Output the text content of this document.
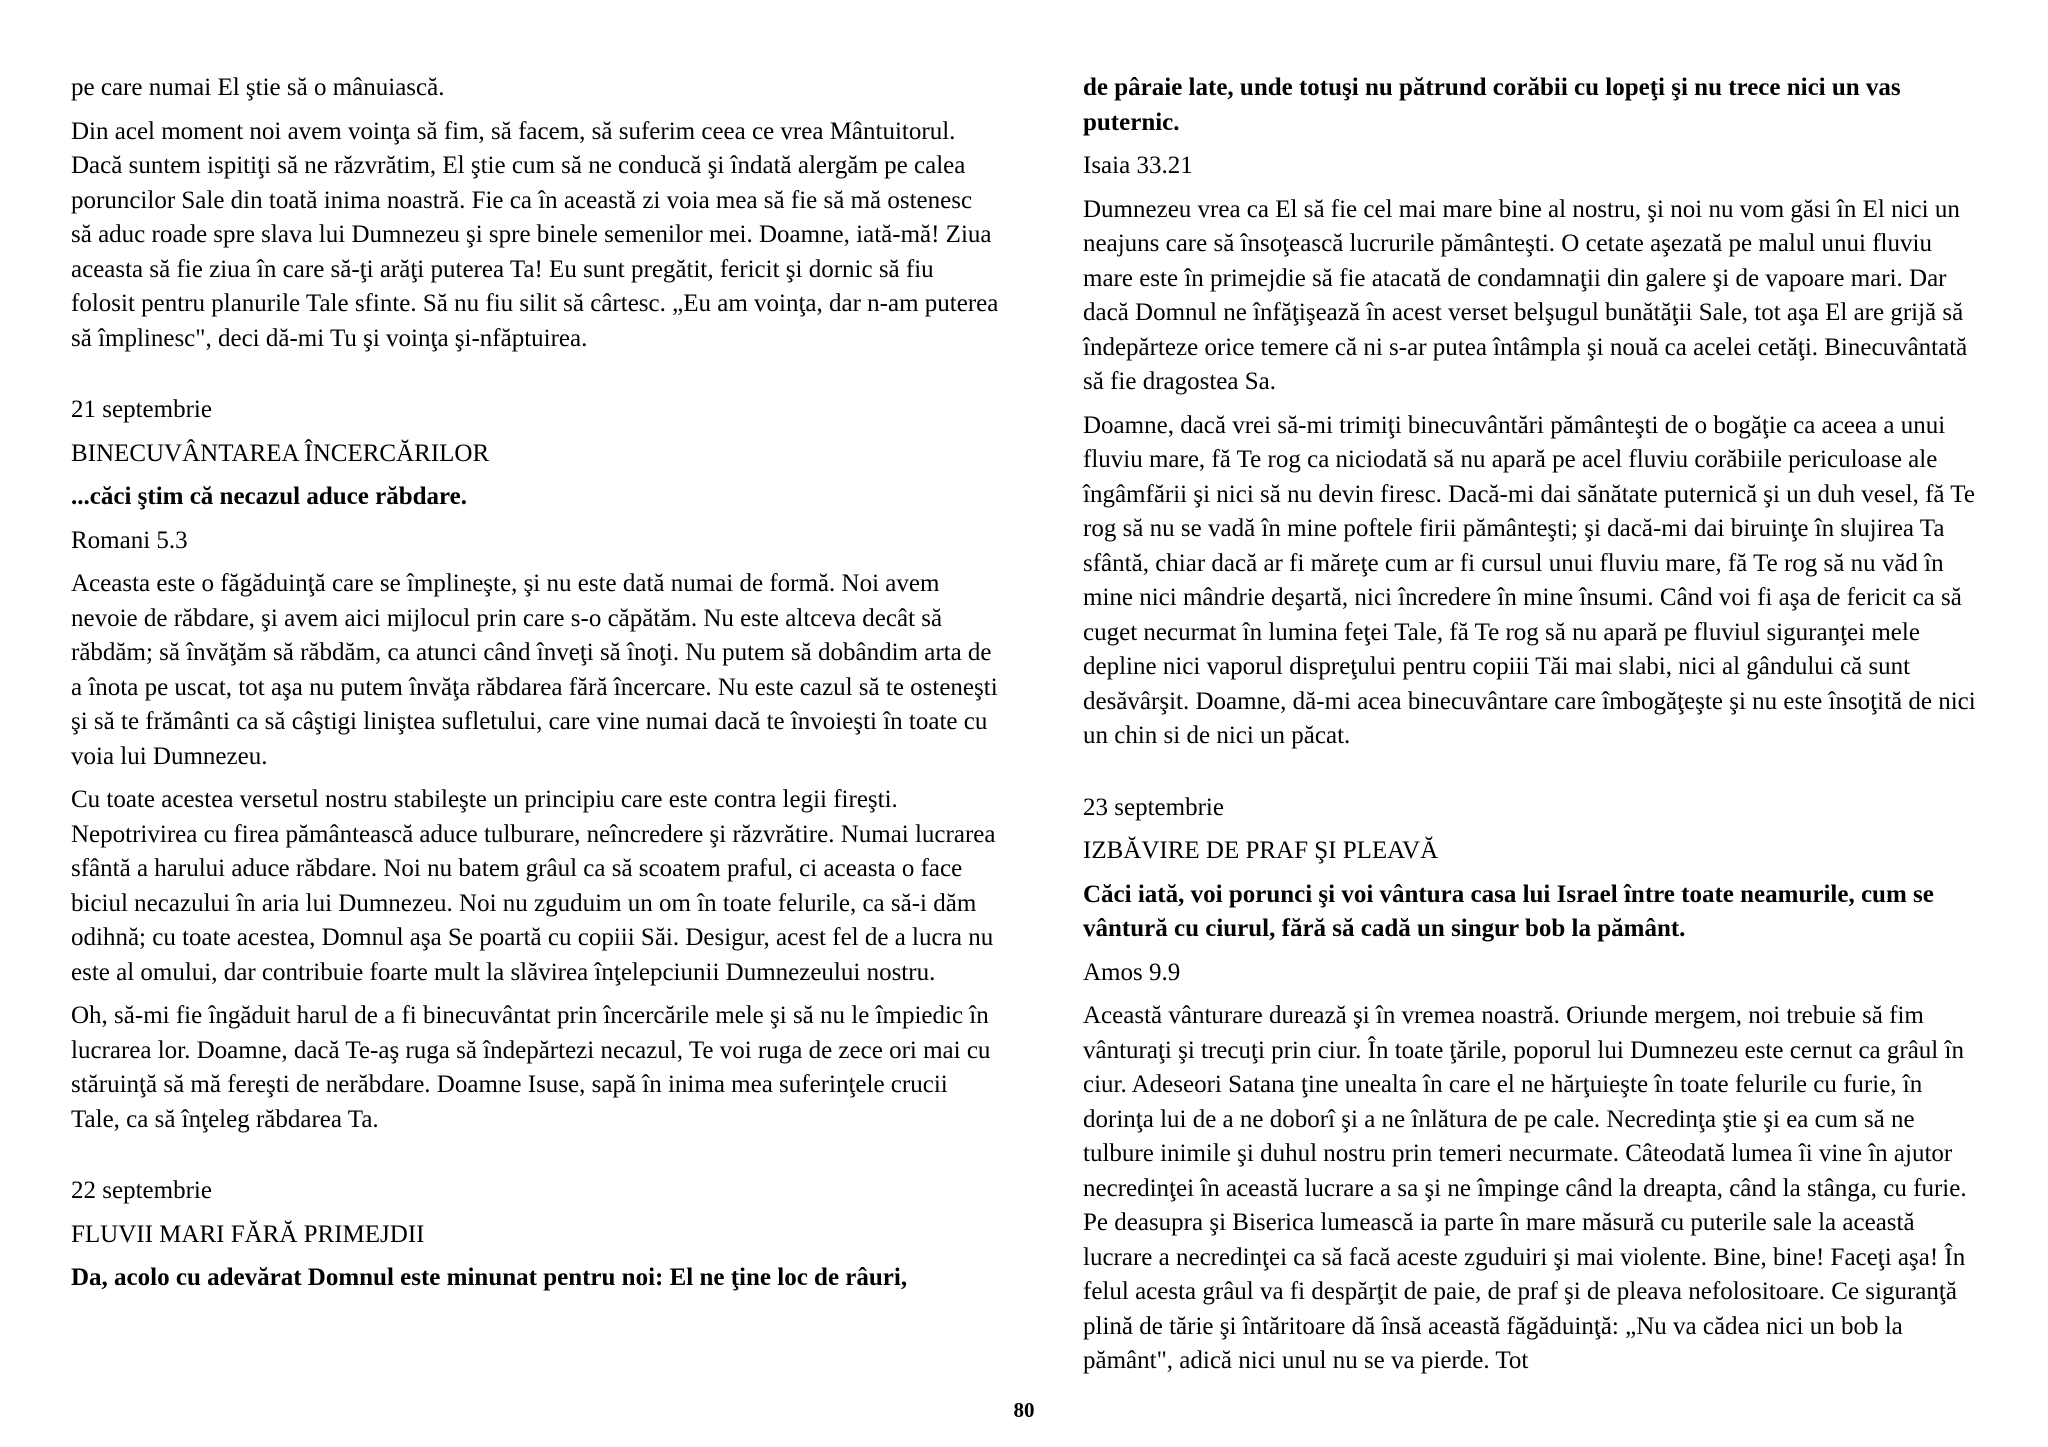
pe care numai El ştie să o mânuiască.

Din acel moment noi avem voinţa să fim, să facem, să suferim ceea ce vrea Mântuitorul. Dacă suntem ispitiţi să ne răzvrătim, El ştie cum să ne conducă şi îndată alergăm pe calea poruncilor Sale din toată inima noastră. Fie ca în această zi voia mea să fie să mă ostenesc să aduc roade spre slava lui Dumnezeu şi spre binele semenilor mei. Doamne, iată-mă! Ziua aceasta să fie ziua în care să-ţi arăţi puterea Ta! Eu sunt pregătit, fericit şi dornic să fiu folosit pentru planurile Tale sfinte. Să nu fiu silit să cârtesc. „Eu am voinţa, dar n-am puterea să împlinesc", deci dă-mi Tu şi voinţa şi-nfăptuirea.

21 septembrie

BINECUVÂNTAREA ÎNCERCĂRILOR

...căci ştim că necazul aduce răbdare.

Romani 5.3

Aceasta este o făgăduinţă care se împlineşte, şi nu este dată numai de formă. Noi avem nevoie de răbdare, şi avem aici mijlocul prin care s-o căpătăm. Nu este altceva decât să răbdăm; să învăţăm să răbdăm, ca atunci când înveţi să înoţi. Nu putem să dobândim arta de a înota pe uscat, tot aşa nu putem învăţa răbdarea fără încercare. Nu este cazul să te osteneşti şi să te frământi ca să câştigi liniştea sufletului, care vine numai dacă te învoieşti în toate cu voia lui Dumnezeu.

Cu toate acestea versetul nostru stabileşte un principiu care este contra legii fireşti. Nepotrivirea cu firea pământească aduce tulburare, neîncredere şi răzvrătire. Numai lucrarea sfântă a harului aduce răbdare. Noi nu batem grâul ca să scoatem praful, ci aceasta o face biciul necazului în aria lui Dumnezeu. Noi nu zguduim un om în toate felurile, ca să-i dăm odihnă; cu toate acestea, Domnul aşa Se poartă cu copiii Săi. Desigur, acest fel de a lucra nu este al omului, dar contribuie foarte mult la slăvirea înţelepciunii Dumnezeului nostru.

Oh, să-mi fie îngăduit harul de a fi binecuvântat prin încercările mele şi să nu le împiedic în lucrarea lor. Doamne, dacă Te-aş ruga să îndepărtezi necazul, Te voi ruga de zece ori mai cu stăruinţă să mă fereşti de nerăbdare. Doamne Isuse, sapă în inima mea suferinţele crucii Tale, ca să înţeleg răbdarea Ta.

22 septembrie

FLUVII MARI FĂRĂ PRIMEJDII

Da, acolo cu adevărat Domnul este minunat pentru noi: El ne ţine loc de râuri,

de pâraie late, unde totuşi nu pătrund corăbii cu lopeţi şi nu trece nici un vas puternic.

Isaia 33.21

Dumnezeu vrea ca El să fie cel mai mare bine al nostru, şi noi nu vom găsi în El nici un neajuns care să însoţească lucrurile pământeşti. O cetate aşezată pe malul unui fluviu mare este în primejdie să fie atacată de condamnaţii din galere şi de vapoare mari. Dar dacă Domnul ne înfăţişează în acest verset belşugul bunătăţii Sale, tot aşa El are grijă să îndepărteze orice temere că ni s-ar putea întâmpla şi nouă ca acelei cetăţi. Binecuvântată să fie dragostea Sa.

Doamne, dacă vrei să-mi trimiţi binecuvântări pământeşti de o bogăţie ca aceea a unui fluviu mare, fă Te rog ca niciodată să nu apară pe acel fluviu corăbiile periculoase ale îngâmfării şi nici să nu devin firesc. Dacă-mi dai sănătate puternică şi un duh vesel, fă Te rog să nu se vadă în mine poftele firii pământeşti; şi dacă-mi dai biruinţe în slujirea Ta sfântă, chiar dacă ar fi măreţe cum ar fi cursul unui fluviu mare, fă Te rog să nu văd în mine nici mândrie deşartă, nici încredere în mine însumi. Când voi fi aşa de fericit ca să cuget necurmat în lumina feţei Tale, fă Te rog să nu apară pe fluviul siguranţei mele depline nici vaporul dispreţului pentru copiii Tăi mai slabi, nici al gândului că sunt desăvârşit. Doamne, dă-mi acea binecuvântare care îmbogăţeşte şi nu este însoţită de nici un chin si de nici un păcat.

23 septembrie

IZBĂVIRE DE PRAF ŞI PLEAVĂ

Căci iată, voi porunci şi voi vântura casa lui Israel între toate neamurile, cum se vântură cu ciurul, fără să cadă un singur bob la pământ.

Amos 9.9

Această vânturare durează şi în vremea noastră. Oriunde mergem, noi trebuie să fim vânturaţi şi trecuţi prin ciur. În toate ţările, poporul lui Dumnezeu este cernut ca grâul în ciur. Adeseori Satana ţine unealta în care el ne hărţuieşte în toate felurile cu furie, în dorinţa lui de a ne doborî şi a ne înlătura de pe cale. Necredinţa ştie şi ea cum să ne tulbure inimile şi duhul nostru prin temeri necurmate. Câteodată lumea îi vine în ajutor necredinţei în această lucrare a sa şi ne împinge când la dreapta, când la stânga, cu furie. Pe deasupra şi Biserica lumească ia parte în mare măsură cu puterile sale la această lucrare a necredinţei ca să facă aceste zguduiri şi mai violente. Bine, bine! Faceţi aşa! În felul acesta grâul va fi despărţit de paie, de praf şi de pleava nefolositoare. Ce siguranţă plină de tărie şi întăritoare dă însă această făgăduinţă: „Nu va cădea nici un bob la pământ", adică nici unul nu se va pierde. Tot

80
